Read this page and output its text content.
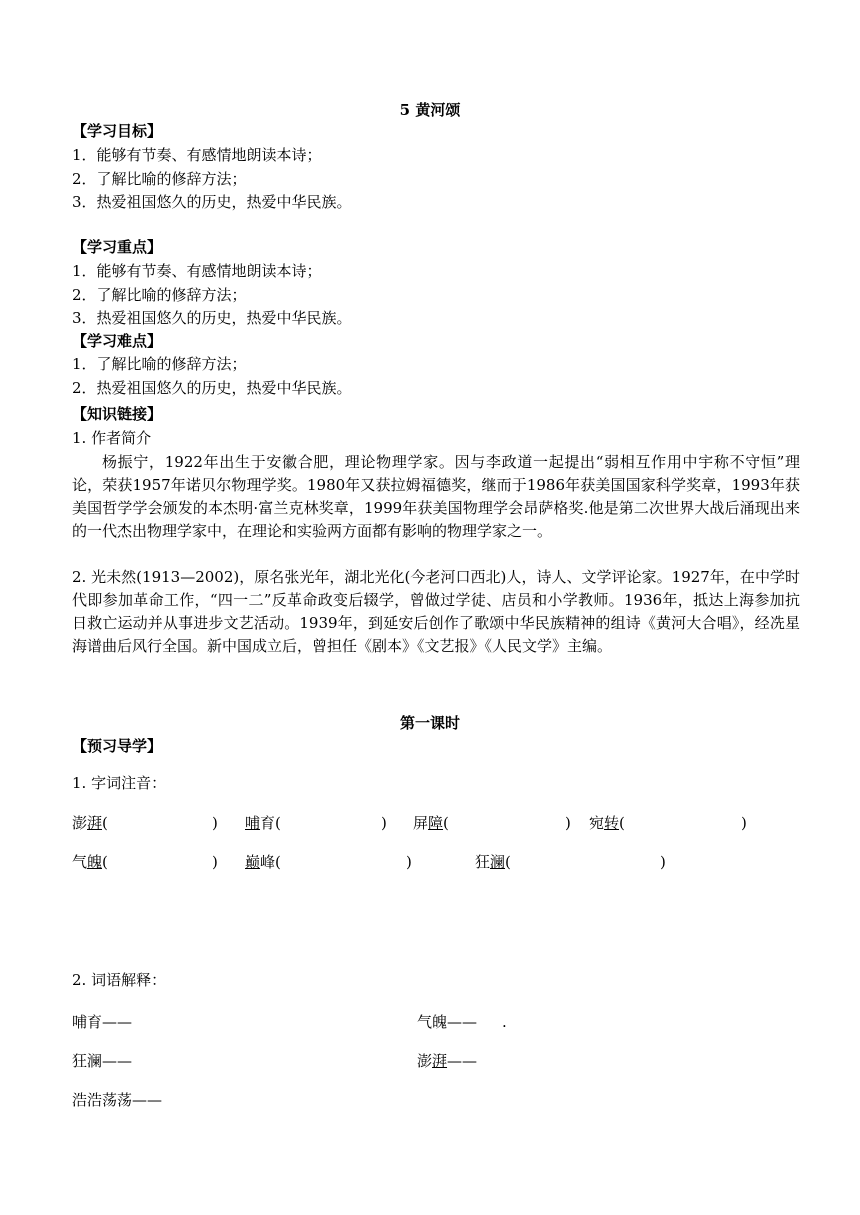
5 黄河颂
【学习目标】
1．能够有节奏、有感情地朗读本诗；
2．了解比喻的修辞方法；
3．热爱祖国悠久的历史，热爱中华民族。
【学习重点】
1．能够有节奏、有感情地朗读本诗；
2．了解比喻的修辞方法；
3．热爱祖国悠久的历史，热爱中华民族。
【学习难点】
1．了解比喻的修辞方法；
2．热爱祖国悠久的历史，热爱中华民族。
【知识链接】
1. 作者简介
杨振宁，1922年出生于安徽合肥，理论物理学家。因与李政道一起提出“弱相互作用中宇称不守恒”理论，荣获1957年诺贝尔物理学奖。1980年又获拉姆福德奖，继而于1986年获美国国家科学奖章，1993年获美国哲学学会颁发的本杰明·富兰克林奖章，1999年获美国物理学会昂萨格奖.他是第二次世界大战后涌现出来的一代杰出物理学家中，在理论和实验两方面都有影响的物理学家之一。
2. 光未然(1913—2002)，原名张光年，湖北光化(今老河口西北)人，诗人、文学评论家。1927年，在中学时代即参加革命工作，“四一二”反革命政变后辍学，曾做过学徒、店员和小学教师。1936年，抵达上海参加抗日救亡运动并从事进步文艺活动。1939年，到延安后创作了歌颂中华民族精神的组诗《黄河大合唱》，经冼星海谱曲后风行全国。新中国成立后，曾担任《剧本》《文艺报》《人民文学》主编。
第一课时
【预习导学】
1. 字词注音：
澎湃(	) 哺育(	) 屏障(	) 宛转(	)
气魄(	) 巅峰(	)	狂澜(	)
2. 词语解释：
哺育——	气魄—— .
狂澜——	澎湃——
浩浩荡荡——
